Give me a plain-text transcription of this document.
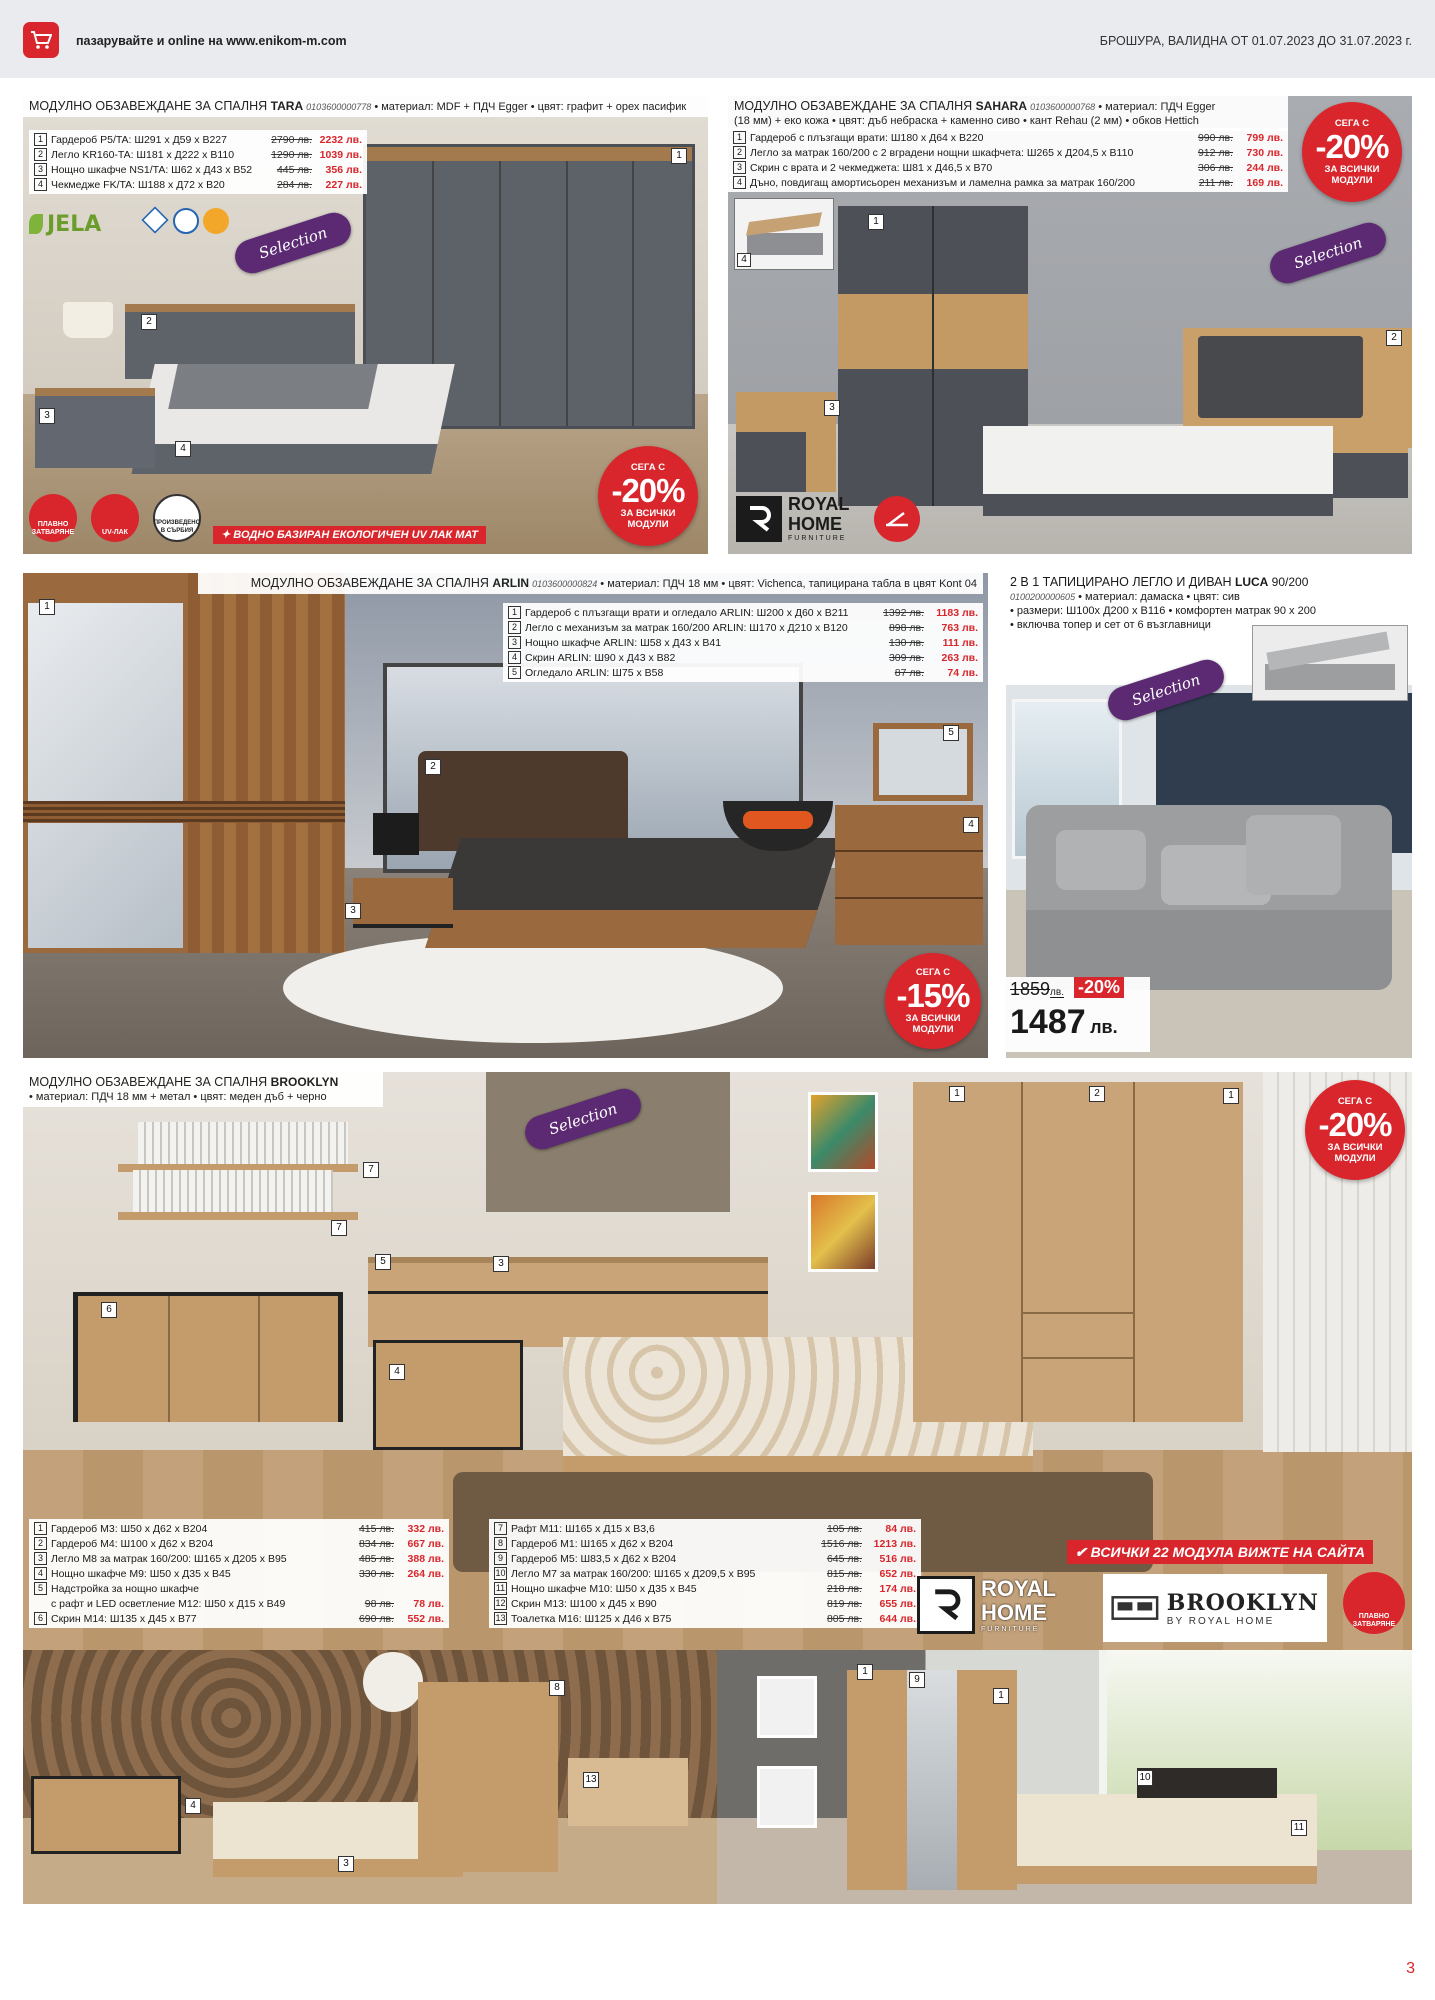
пазарувайте и online на www.enikom-m.com	БРОШУРА, ВАЛИДНА ОТ 01.07.2023 ДО 31.07.2023 г.
1
2
3
4
МОДУЛНО ОБЗАВЕЖДАНЕ ЗА СПАЛНЯ TARA 0103600000778 • материал: MDF + ПДЧ Egger • цвят: графит + орех пасифик
1 Гардероб P5/TA: Ш291 х Д59 х В227	2790 лв. 2232 лв.
2 Легло KR160-TA: Ш181 х Д222 х В110	1290 лв. 1039 лв.
3 Нощно шкафче NS1/TA: Ш62 х Д43 х В52	445 лв.	356 лв.
4 Чекмедже FK/TA: Ш188 х Д72 х В20	284 лв.	227 лв.
JELA	Selection
СЕГА С
-20%
ЗА ВСИЧКИ
МОДУЛИ
ПЛАВНО ЗАТВАРЯНЕ	UV-ЛАК
ПРОИЗВЕДЕНО В СЪРБИЯ	✦ ВОДНО БАЗИРАН ЕКОЛОГИЧЕН UV ЛАК МАТ
1
2
3
4
МОДУЛНО ОБЗАВЕЖДАНЕ ЗА СПАЛНЯ SAHARA 0103600000768 • материал: ПДЧ Egger
(18 мм) + еко кожа • цвят: дъб небраска + каменно сиво • кант Rehau (2 мм) • обков Hettich
1 Гардероб с плъзгащи врати: Ш180 х Д64 х В220	990 лв.	799 лв.
2 Легло за матрак 160/200 с 2 вградени нощни шкафчета: Ш265 х Д204,5 х В110	912 лв.	730 лв.
3 Скрин с врата и 2 чекмеджета: Ш81 х Д46,5 х В70	306 лв.	244 лв.
4 Дъно, повдигащ амортисьорен механизъм и ламелна рамка за матрак 160/200	211 лв.	169 лв.
СЕГА С
-20%
ЗА ВСИЧКИ
МОДУЛИ
Selection
ROYAL
HOME
FURNITURE
1
2
3
4
5
МОДУЛНО ОБЗАВЕЖДАНЕ ЗА СПАЛНЯ ARLIN 0103600000824 • материал: ПДЧ 18 мм • цвят: Vichenca, тапицирана табла в цвят Kont 04
1 Гардероб с плъзгащи врати и огледало ARLIN: Ш200 х Д60 х В211	1392 лв.	1183 лв.
2 Легло с механизъм за матрак 160/200 ARLIN: Ш170 х Д210 х В120	898 лв.	763 лв.
3 Нощно шкафче ARLIN: Ш58 х Д43 х В41	130 лв.	111 лв.
4 Скрин ARLIN: Ш90 х Д43 х В82	309 лв.	263 лв.
5 Огледало ARLIN: Ш75 х В58	87 лв.	74 лв.
СЕГА С
-15%
ЗА ВСИЧКИ
МОДУЛИ
2 В 1 ТАПИЦИРАНО ЛЕГЛО И ДИВАН LUCA 90/200
0100200000605 • материал: дамаска • цвят: сив
• размери: Ш100х Д200 х В116 • комфортен матрак 90 х 200
• включва топер и сет от 6 възглавници
Selection
1859лв. -20%
1487 лв.
1	2	1
7
7
6
5	3
4
МОДУЛНО ОБЗАВЕЖДАНЕ ЗА СПАЛНЯ BROOKLYN
• материал: ПДЧ 18 мм + метал • цвят: меден дъб + черно
Selection	СЕГА С
-20%
ЗА ВСИЧКИ
МОДУЛИ
1 Гардероб M3: Ш50 х Д62 х В204	415 лв.	332 лв.
2 Гардероб M4: Ш100 х Д62 х В204	834 лв.	667 лв.
3 Легло M8 за матрак 160/200: Ш165 х Д205 х В95	485 лв.	388 лв.
4 Нощно шкафче M9: Ш50 х Д35 х В45	330 лв.	264 лв.
5 Надстройка за нощно шкафче
с рафт и LED осветление M12: Ш50 х Д15 х В49	98 лв.	78 лв.
6 Скрин M14: Ш135 х Д45 х В77	690 лв.	552 лв.
7 Рафт M11: Ш165 х Д15 х В3,6	105 лв.	84 лв.
8 Гардероб M1: Ш165 х Д62 х В204	1516 лв.	1213 лв.
9 Гардероб M5: Ш83,5 х Д62 х В204	645 лв.	516 лв.
10 Легло M7 за матрак 160/200: Ш165 х Д209,5 х В95	815 лв.	652 лв.
11 Нощно шкафче M10: Ш50 х Д35 х В45	218 лв.	174 лв.
12 Скрин M13: Ш100 х Д45 х В90	819 лв.	655 лв.
13 Тоалетка M16: Ш125 х Д46 х В75	805 лв.	644 лв.
✔ ВСИЧКИ 22 МОДУЛА ВИЖТЕ НА САЙТА
ROYAL
HOME
FURNITURE
BROOKLYN
BY ROYAL HOME	ПЛАВНО ЗАТВАРЯНЕ
4
3
8
13
1
9
1
10
11
3
